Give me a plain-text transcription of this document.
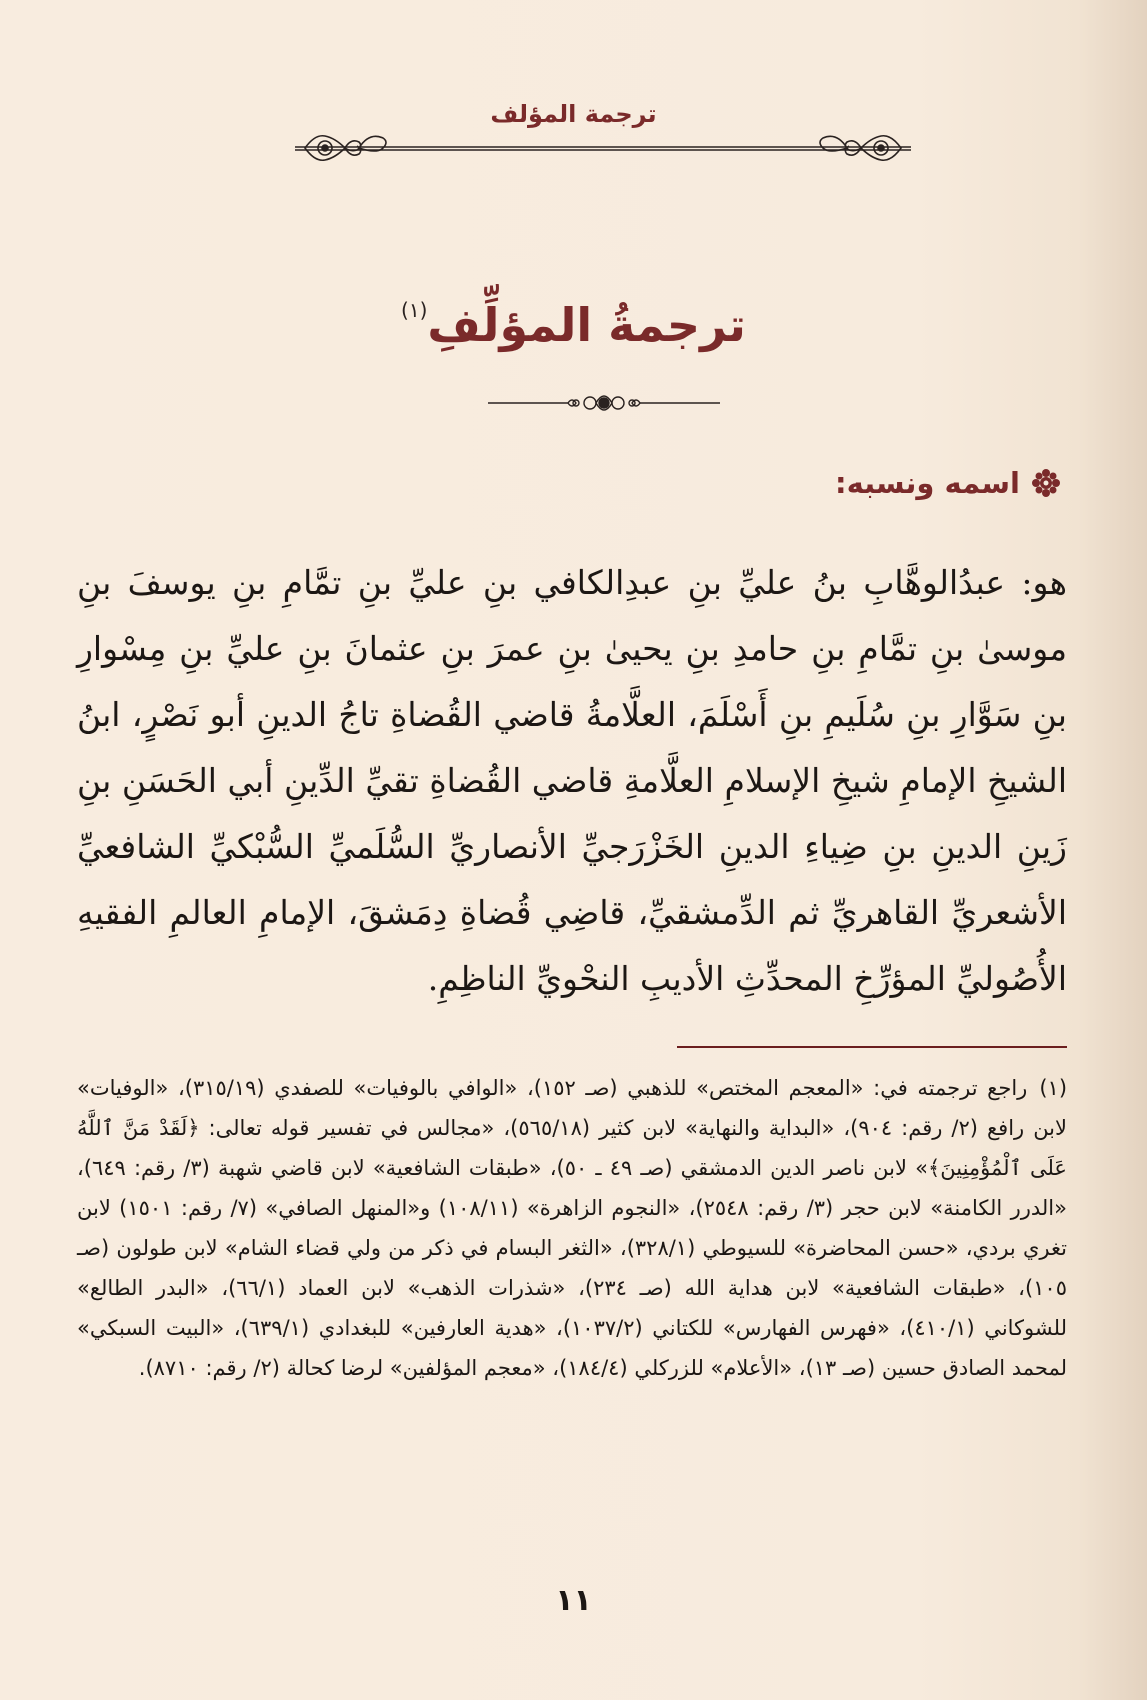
ترجمة المؤلف
ترجمةُ المؤلِّفِ$^{(١)}$
اسمه ونسبه:
هو: عبدُالوهَّابِ بنُ عليِّ بنِ عبدِالكافي بنِ عليِّ بنِ تمَّامِ بنِ يوسفَ بنِ موسىٰ بنِ تمَّامِ بنِ حامدِ بنِ يحيىٰ بنِ عمرَ بنِ عثمانَ بنِ عليِّ بنِ مِسْوارِ بنِ سَوَّارِ بنِ سُلَيمِ بنِ أَسْلَمَ، العلَّامةُ قاضي القُضاةِ تاجُ الدينِ أبو نَصْرٍ، ابنُ الشيخِ الإمامِ شيخِ الإسلامِ العلَّامةِ قاضي القُضاةِ تقيِّ الدِّينِ أبي الحَسَنِ بنِ زَينِ الدينِ بنِ ضِياءِ الدينِ الخَزْرَجيِّ الأنصاريِّ السُّلَميِّ السُّبْكيِّ الشافعيِّ الأشعريِّ القاهريِّ ثم الدِّمشقيِّ، قاضِي قُضاةِ دِمَشقَ، الإمامِ العالمِ الفقيهِ الأُصُوليِّ المؤرِّخِ المحدِّثِ الأديبِ النحْويِّ الناظِمِ.
(١)راجع ترجمته في: «المعجم المختص» للذهبي (صـ ١٥٢)، «الوافي بالوفيات» للصفدي (٣١٥/١٩)، «الوفيات» لابن رافع (٢/ رقم: ٩٠٤)، «البداية والنهاية» لابن كثير (٥٦٥/١٨)، «مجالس في تفسير قوله تعالى: ﴿لَقَدْ مَنَّ ٱللَّهُ عَلَى ٱلْمُؤْمِنِينَ﴾» لابن ناصر الدين الدمشقي (صـ ٤٩ ـ ٥٠)، «طبقات الشافعية» لابن قاضي شهبة (٣/ رقم: ٦٤٩)، «الدرر الكامنة» لابن حجر (٣/ رقم: ٢٥٤٨)، «النجوم الزاهرة» (١٠٨/١١) و«المنهل الصافي» (٧/ رقم: ١٥٠١) لابن تغري بردي، «حسن المحاضرة» للسيوطي (٣٢٨/١)، «الثغر البسام في ذكر من ولي قضاء الشام» لابن طولون (صـ ١٠٥)، «طبقات الشافعية» لابن هداية الله (صـ ٢٣٤)، «شذرات الذهب» لابن العماد (٦٦/١)، «البدر الطالع» للشوكاني (٤١٠/١)، «فهرس الفهارس» للكتاني (١٠٣٧/٢)، «هدية العارفين» للبغدادي (٦٣٩/١)، «البيت السبكي» لمحمد الصادق حسين (صـ ١٣)، «الأعلام» للزركلي (١٨٤/٤)، «معجم المؤلفين» لرضا كحالة (٢/ رقم: ٨٧١٠).
١١
